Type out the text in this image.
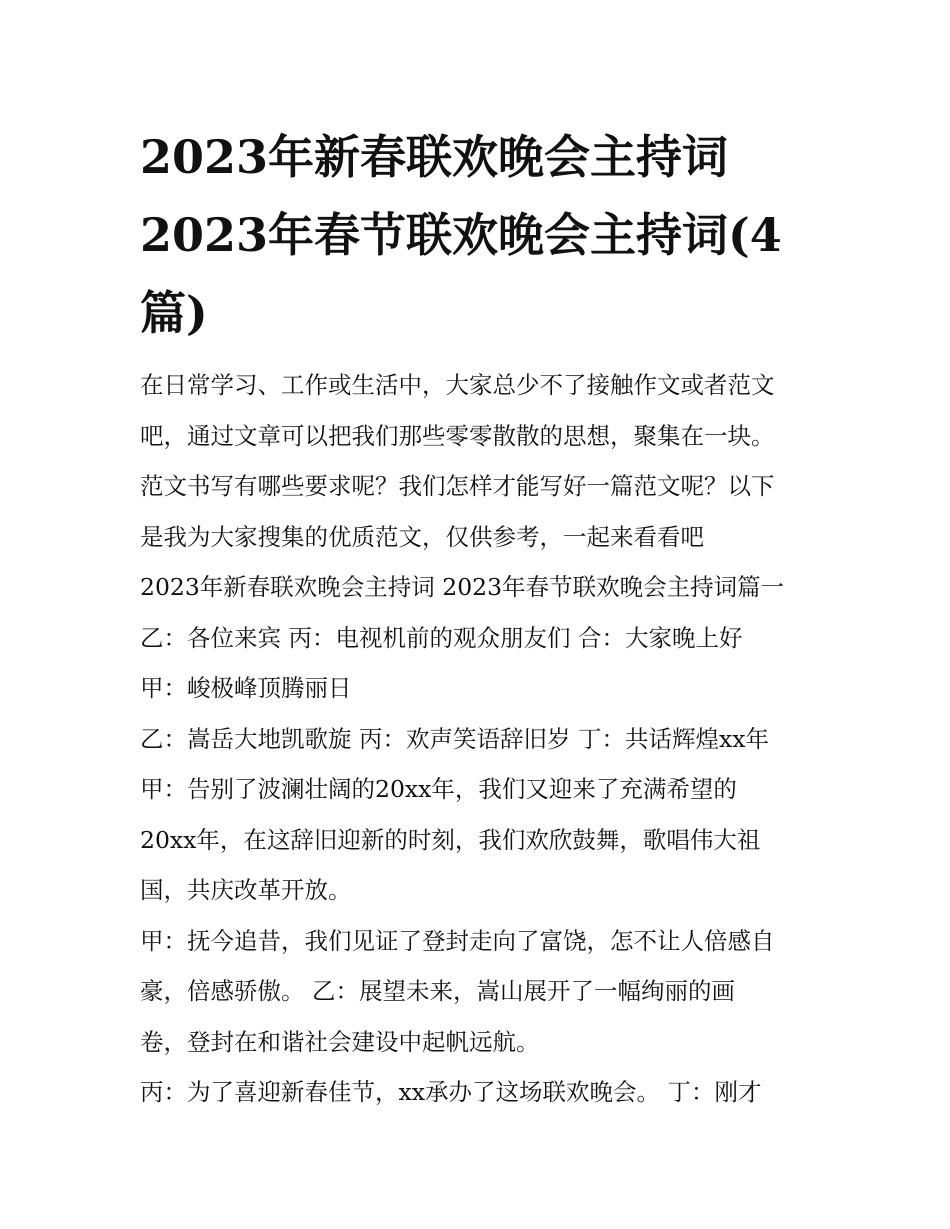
2023年新春联欢晚会主持词
2023年春节联欢晚会主持词(4
篇)

在日常学习、工作或生活中，大家总少不了接触作文或者范文

吧，通过文章可以把我们那些零零散散的思想，聚集在一块。

范文书写有哪些要求呢？我们怎样才能写好一篇范文呢？以下

是我为大家搜集的优质范文，仅供参考，一起来看看吧

2023年新春联欢晚会主持词 2023年春节联欢晚会主持词篇一

乙：各位来宾 丙：电视机前的观众朋友们 合：大家晚上好

甲：峻极峰顶腾丽日

乙：嵩岳大地凯歌旋 丙：欢声笑语辞旧岁 丁：共话辉煌xx年

甲：告别了波澜壮阔的20xx年，我们又迎来了充满希望的

20xx年，在这辞旧迎新的时刻，我们欢欣鼓舞，歌唱伟大祖

国，共庆改革开放。

甲：抚今追昔，我们见证了登封走向了富饶，怎不让人倍感自

豪，倍感骄傲。 乙：展望未来，嵩山展开了一幅绚丽的画

卷，登封在和谐社会建设中起帆远航。

丙：为了喜迎新春佳节，xx承办了这场联欢晚会。 丁：刚才
